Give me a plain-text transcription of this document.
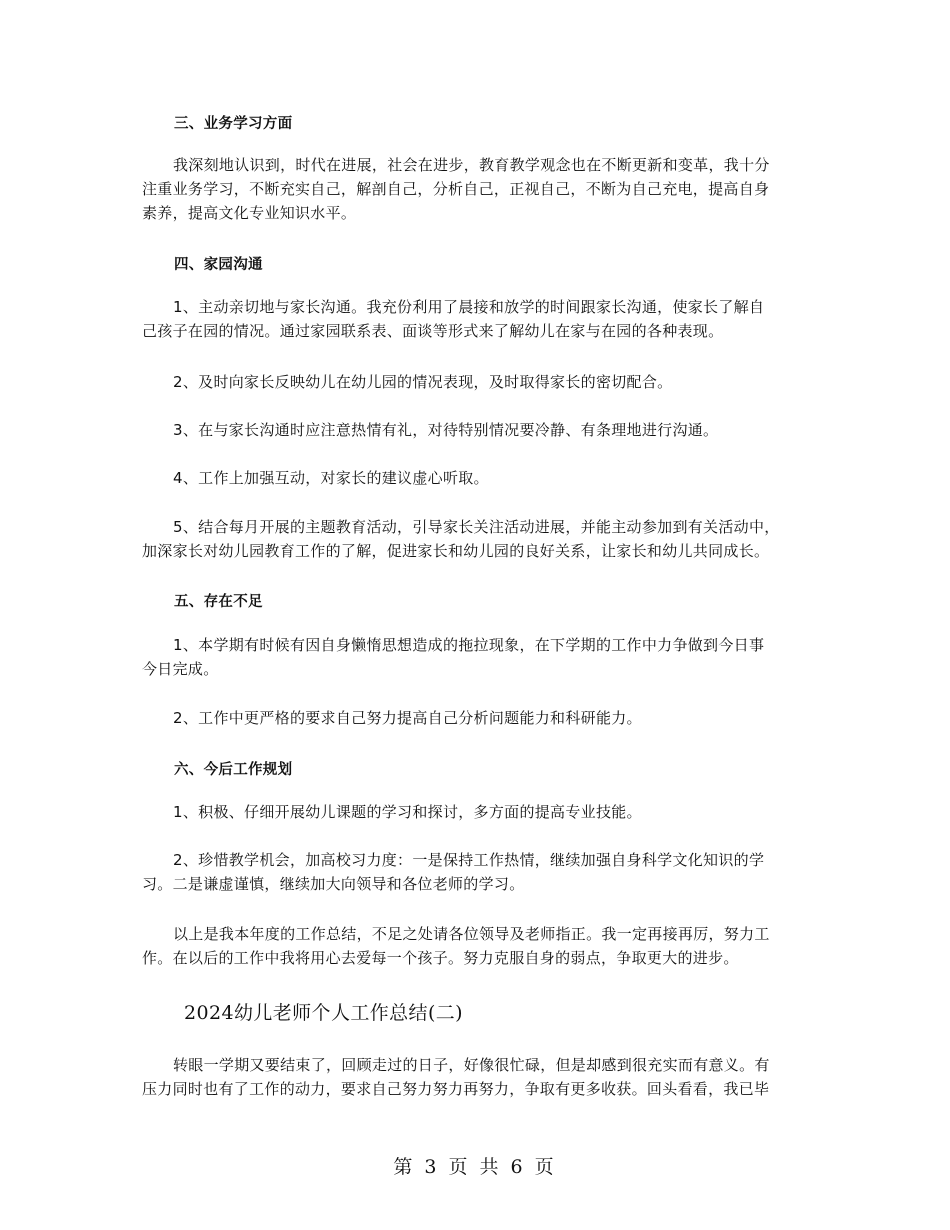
三、业务学习方面
我深刻地认识到，时代在进展，社会在进步，教育教学观念也在不断更新和变革，我十分
注重业务学习，不断充实自己，解剖自己，分析自己，正视自己，不断为自己充电，提高自身
素养，提高文化专业知识水平。
四、家园沟通
1、主动亲切地与家长沟通。我充份利用了晨接和放学的时间跟家长沟通，使家长了解自
己孩子在园的情况。通过家园联系表、面谈等形式来了解幼儿在家与在园的各种表现。
2、及时向家长反映幼儿在幼儿园的情况表现，及时取得家长的密切配合。
3、在与家长沟通时应注意热情有礼，对待特别情况要冷静、有条理地进行沟通。
4、工作上加强互动，对家长的建议虚心听取。
5、结合每月开展的主题教育活动，引导家长关注活动进展，并能主动参加到有关活动中，
加深家长对幼儿园教育工作的了解，促进家长和幼儿园的良好关系，让家长和幼儿共同成长。
五、存在不足
1、本学期有时候有因自身懒惰思想造成的拖拉现象，在下学期的工作中力争做到今日事
今日完成。
2、工作中更严格的要求自己努力提高自己分析问题能力和科研能力。
六、今后工作规划
1、积极、仔细开展幼儿课题的学习和探讨，多方面的提高专业技能。
2、珍惜教学机会，加高校习力度：一是保持工作热情，继续加强自身科学文化知识的学
习。二是谦虚谨慎，继续加大向领导和各位老师的学习。
以上是我本年度的工作总结，不足之处请各位领导及老师指正。我一定再接再厉，努力工
作。在以后的工作中我将用心去爱每一个孩子。努力克服自身的弱点，争取更大的进步。
2024幼儿老师个人工作总结(二)
转眼一学期又要结束了，回顾走过的日子，好像很忙碌，但是却感到很充实而有意义。有
压力同时也有了工作的动力，要求自己努力努力再努力，争取有更多收获。回头看看，我已毕
第 3 页 共 6 页
